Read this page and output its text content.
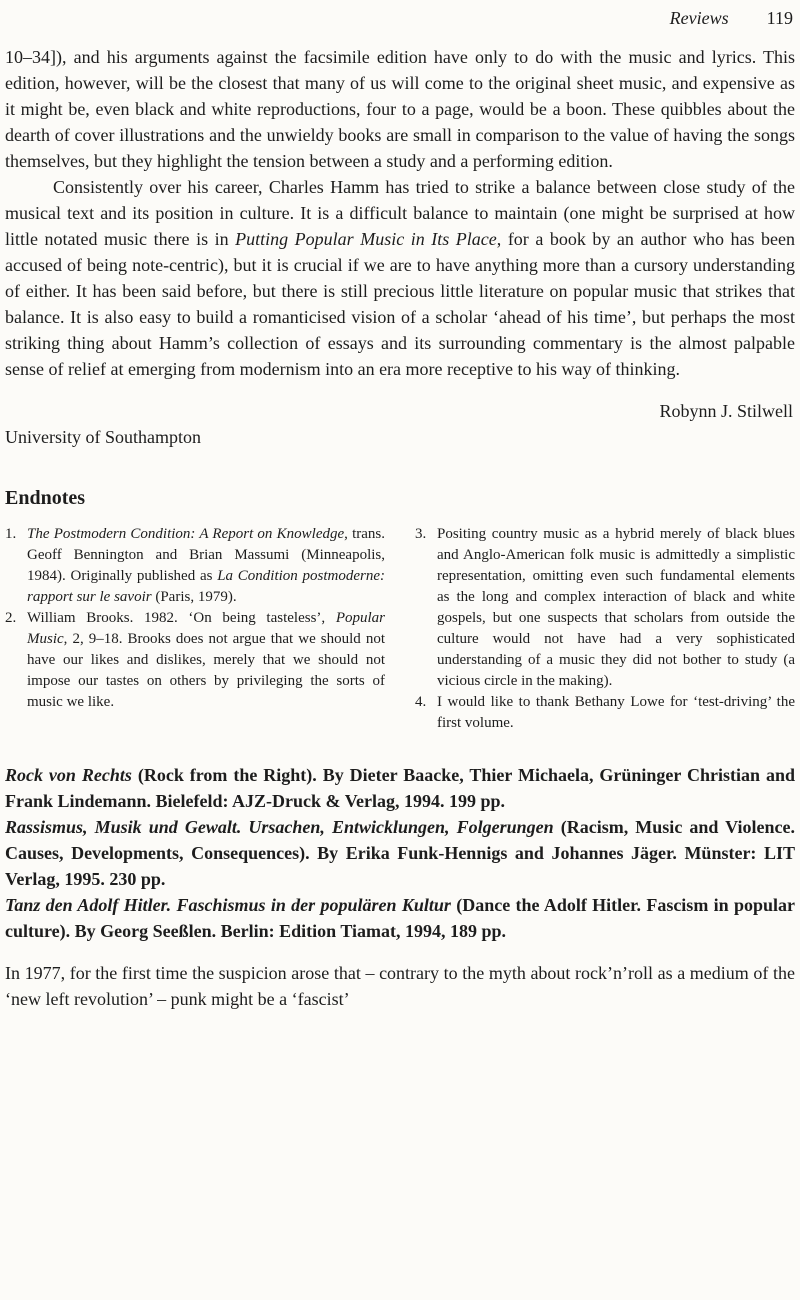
Reviews 119

10–34]), and his arguments against the facsimile edition have only to do with the music and lyrics. This edition, however, will be the closest that many of us will come to the original sheet music, and expensive as it might be, even black and white reproductions, four to a page, would be a boon. These quibbles about the dearth of cover illustrations and the unwieldy books are small in comparison to the value of having the songs themselves, but they highlight the tension between a study and a performing edition.

Consistently over his career, Charles Hamm has tried to strike a balance between close study of the musical text and its position in culture. It is a difficult balance to maintain (one might be surprised at how little notated music there is in Putting Popular Music in Its Place, for a book by an author who has been accused of being note-centric), but it is crucial if we are to have anything more than a cursory understanding of either. It has been said before, but there is still precious little literature on popular music that strikes that balance. It is also easy to build a romanticised vision of a scholar ‘ahead of his time’, but perhaps the most striking thing about Hamm’s collection of essays and its surrounding commentary is the almost palpable sense of relief at emerging from modernism into an era more receptive to his way of thinking.

Robynn J. Stilwell

University of Southampton

Endnotes
1. The Postmodern Condition: A Report on Knowledge, trans. Geoff Bennington and Brian Massumi (Minneapolis, 1984). Originally published as La Condition postmoderne: rapport sur le savoir (Paris, 1979).
2. William Brooks. 1982. ‘On being tasteless’, Popular Music, 2, 9–18. Brooks does not argue that we should not have our likes and dislikes, merely that we should not impose our tastes on others by privileging the sorts of music we like.
3. Positing country music as a hybrid merely of black blues and Anglo-American folk music is admittedly a simplistic representation, omitting even such fundamental elements as the long and complex interaction of black and white gospels, but one suspects that scholars from outside the culture would not have had a very sophisticated understanding of a music they did not bother to study (a vicious circle in the making).
4. I would like to thank Bethany Lowe for ‘test-driving’ the first volume.

Rock von Rechts (Rock from the Right). By Dieter Baacke, Thier Michaela, Grüninger Christian and Frank Lindemann. Bielefeld: AJZ-Druck & Verlag, 1994. 199 pp.

Rassismus, Musik und Gewalt. Ursachen, Entwicklungen, Folgerungen (Racism, Music and Violence. Causes, Developments, Consequences). By Erika Funk-Hennigs and Johannes Jäger. Münster: LIT Verlag, 1995. 230 pp.

Tanz den Adolf Hitler. Faschismus in der populären Kultur (Dance the Adolf Hitler. Fascism in popular culture). By Georg Seeßlen. Berlin: Edition Tiamat, 1994, 189 pp.

In 1977, for the first time the suspicion arose that – contrary to the myth about rock’n’roll as a medium of the ‘new left revolution’ – punk might be a ‘fascist’
